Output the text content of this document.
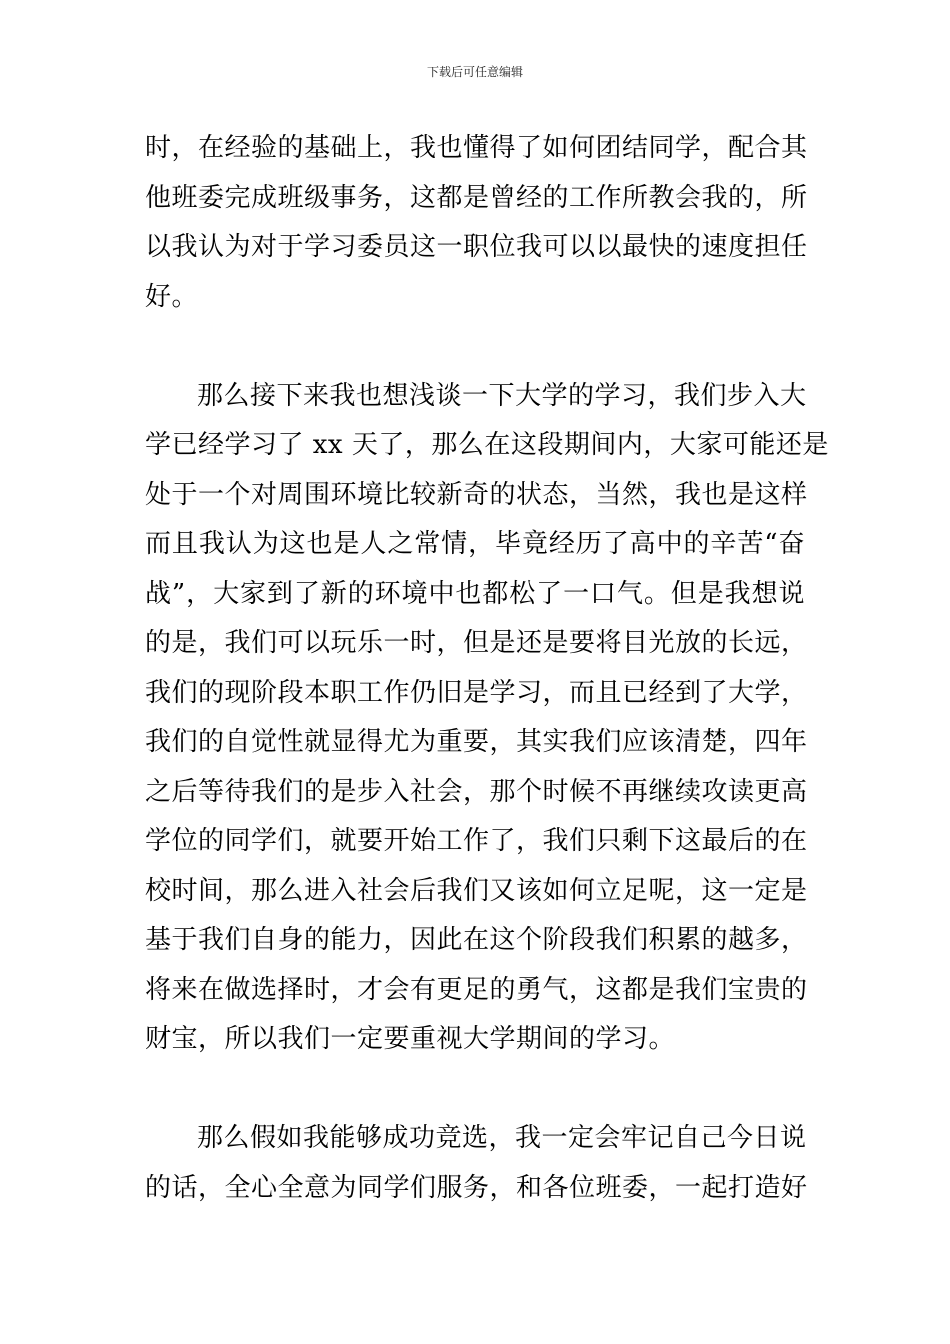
下载后可任意编辑
时，在经验的基础上，我也懂得了如何团结同学，配合其
他班委完成班级事务，这都是曾经的工作所教会我的，所
以我认为对于学习委员这一职位我可以以最快的速度担任
好。
那么接下来我也想浅谈一下大学的学习，我们步入大
学已经学习了 xx 天了，那么在这段期间内，大家可能还是
处于一个对周围环境比较新奇的状态，当然，我也是这样
而且我认为这也是人之常情，毕竟经历了高中的辛苦“奋
战”，大家到了新的环境中也都松了一口气。但是我想说
的是，我们可以玩乐一时，但是还是要将目光放的长远，
我们的现阶段本职工作仍旧是学习，而且已经到了大学，
我们的自觉性就显得尤为重要，其实我们应该清楚，四年
之后等待我们的是步入社会，那个时候不再继续攻读更高
学位的同学们，就要开始工作了，我们只剩下这最后的在
校时间，那么进入社会后我们又该如何立足呢，这一定是
基于我们自身的能力，因此在这个阶段我们积累的越多，
将来在做选择时，才会有更足的勇气，这都是我们宝贵的
财宝，所以我们一定要重视大学期间的学习。
那么假如我能够成功竞选，我一定会牢记自己今日说
的话，全心全意为同学们服务，和各位班委，一起打造好
